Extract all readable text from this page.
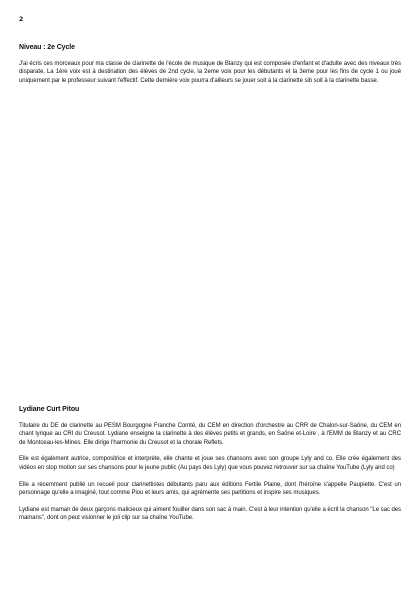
2
Niveau : 2e Cycle

J'ai écris ces morceaux pour ma classe de clarinette de l'école de musique de Blanzy qui est composée d'enfant et d'adulte avec des niveaux très disparate. La 1ère voix est à destination des élèves de 2nd cycle, la 2eme voix pour les débutants et la 3eme pour les fins de cycle 1 ou joué uniquement par le professeur suivant l'effectif. Cette dernière voix pourra d'ailleurs se jouer soit à la clarinette sib soit à la clarinette basse.

Lydiane Curt Pitou

Titulaire du DE de clarinette au PESM Bourgogne Franche Comté, du CEM en direction d'orchestre au CRR de Chalon-sur-Saône, du CEM en chant lyrique au CRI du Creusot. Lydiane enseigne la clarinette à des élèves petits et grands, en Saône et-Loire , à l'EMM de Blanzy et au CRC de Montceau-les-Mines. Elle dirige l'harmonie du Creusot et la chorale Reflets.

Elle est également autrice, compositrice et interprète, elle chante et joue ses chansons avec son groupe Lyly and co. Elle crée également des vidéos en stop motion sur ses chansons pour le jeune public (Au pays des Lyly) que vous pouvez retrouver sur sa chaîne YouTube (Lyly and co)

Elle a récemment publié un recueil pour clarinettistes débutants paru aux éditions Fertile Plaine, dont l'héroïne s'appelle Paupiette. C'est un personnage qu'elle a imaginé, tout comme Piou et leurs amis, qui agrémente ses partitions et inspire ses musiques.

Lydiane est maman de deux garçons malicieux qui aiment fouiller dans son sac à main. C'est à leur intention qu'elle a écrit la chanson "Le sac des mamans", dont on peut visionner le joli clip sur sa chaîne YouTube.
